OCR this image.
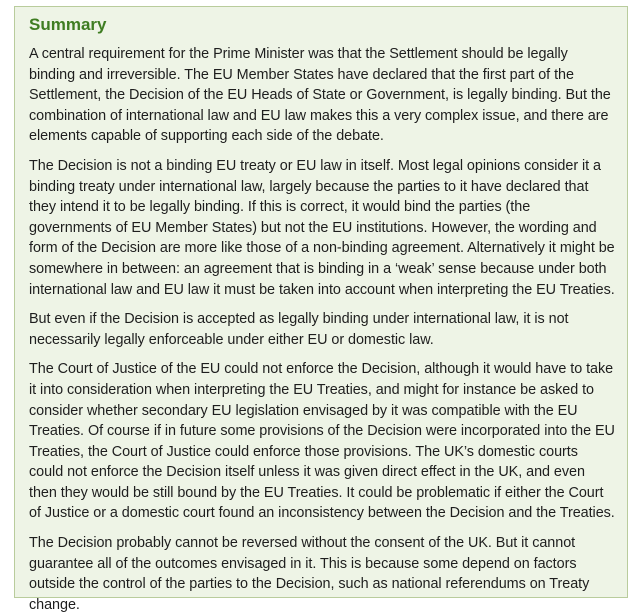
Summary

A central requirement for the Prime Minister was that the Settlement should be legally binding and irreversible. The EU Member States have declared that the first part of the Settlement, the Decision of the EU Heads of State or Government, is legally binding. But the combination of international law and EU law makes this a very complex issue, and there are elements capable of supporting each side of the debate.

The Decision is not a binding EU treaty or EU law in itself. Most legal opinions consider it a binding treaty under international law, largely because the parties to it have declared that they intend it to be legally binding. If this is correct, it would bind the parties (the governments of EU Member States) but not the EU institutions. However, the wording and form of the Decision are more like those of a non-binding agreement. Alternatively it might be somewhere in between: an agreement that is binding in a ‘weak’ sense because under both international law and EU law it must be taken into account when interpreting the EU Treaties.

But even if the Decision is accepted as legally binding under international law, it is not necessarily legally enforceable under either EU or domestic law.

The Court of Justice of the EU could not enforce the Decision, although it would have to take it into consideration when interpreting the EU Treaties, and might for instance be asked to consider whether secondary EU legislation envisaged by it was compatible with the EU Treaties. Of course if in future some provisions of the Decision were incorporated into the EU Treaties, the Court of Justice could enforce those provisions. The UK’s domestic courts could not enforce the Decision itself unless it was given direct effect in the UK, and even then they would be still bound by the EU Treaties. It could be problematic if either the Court of Justice or a domestic court found an inconsistency between the Decision and the Treaties.

The Decision probably cannot be reversed without the consent of the UK. But it cannot guarantee all of the outcomes envisaged in it. This is because some depend on factors outside the control of the parties to the Decision, such as national referendums on Treaty change.
